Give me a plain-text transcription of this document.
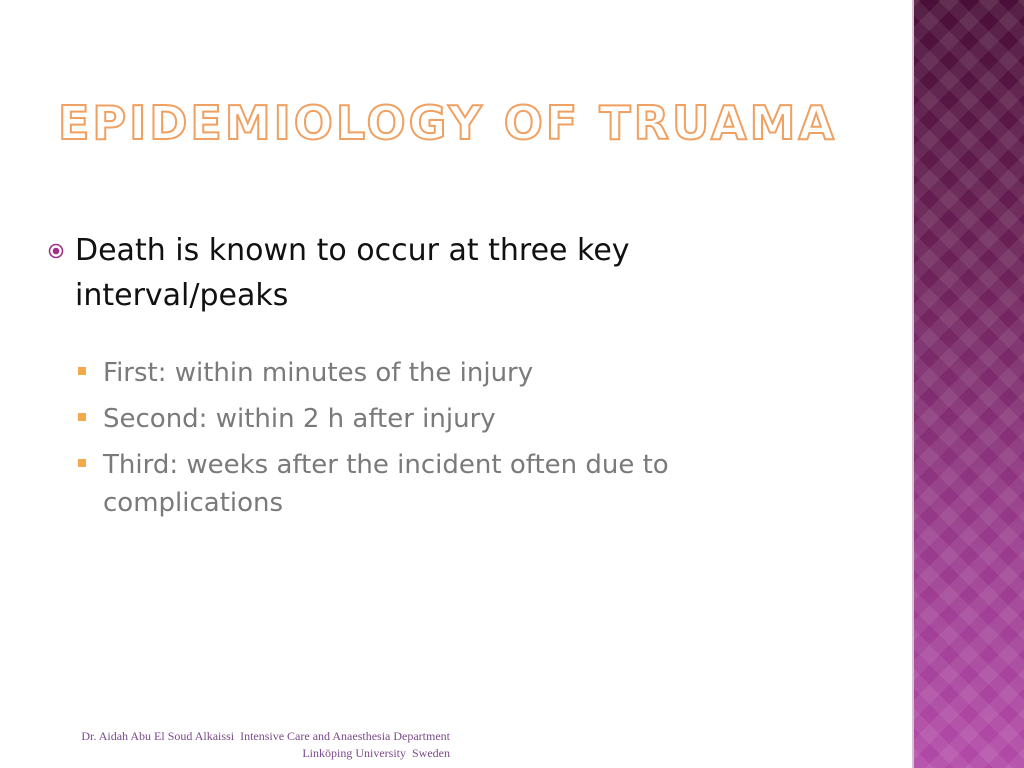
EPIDEMIOLOGY OF TRUAMA
Death is known to occur at three key interval/peaks
First: within minutes of the injury
Second: within 2 h after injury
Third: weeks after the incident often due to complications
Dr. Aidah Abu El Soud Alkaissi  Intensive Care and Anaesthesia Department  Linköping University  Sweden
